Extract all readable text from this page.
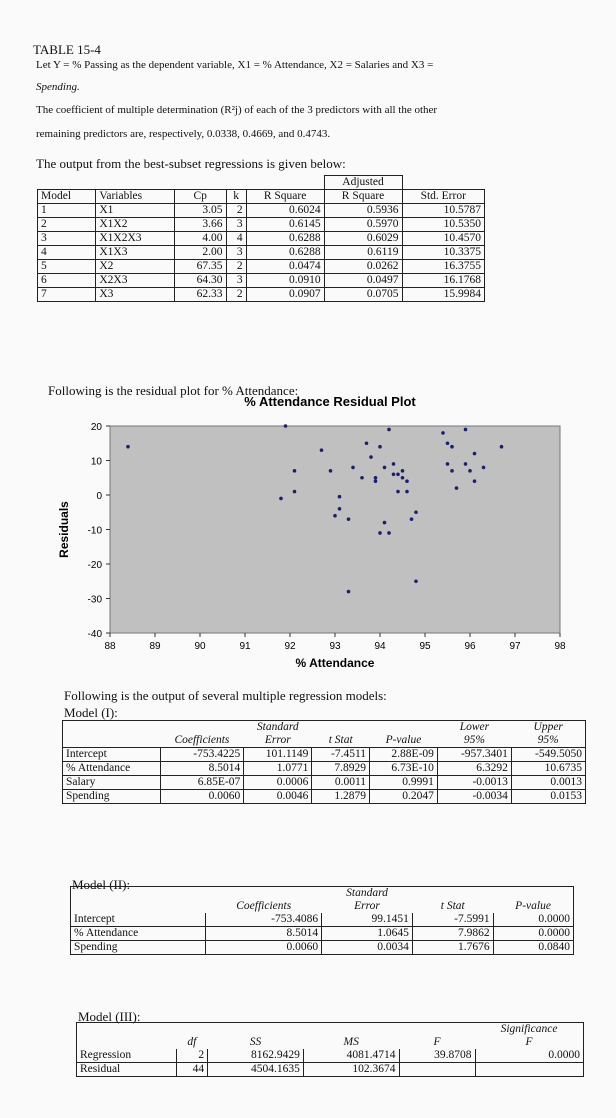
TABLE 15-4
Let Y = % Passing as the dependent variable, X1 = % Attendance, X2 = Salaries and X3 =
Spending.
The coefficient of multiple determination (R²j) of each of the 3 predictors with all the other
remaining predictors are, respectively, 0.0338, 0.4669, and 0.4743.
The output from the best-subset regressions is given below:
					Adjusted	
Model	Variables	Cp	k	R Square	R Square	Std. Error
1	X1	3.05	2	0.6024	0.5936	10.5787
2	X1X2	3.66	3	0.6145	0.5970	10.5350
3	X1X2X3	4.00	4	0.6288	0.6029	10.4570
4	X1X3	2.00	3	0.6288	0.6119	10.3375
5	X2	67.35	2	0.0474	0.0262	16.3755
6	X2X3	64.30	3	0.0910	0.0497	16.1768
7	X3	62.33	2	0.0907	0.0705	15.9984
Following is the residual plot for % Attendance:
% Attendance Residual Plot
20
10
0
-10
-20
-30
-40
88	89	90	91	92	93	94	95	96	97	98
% Attendance
Residuals
Following is the output of several multiple regression models:
Model (I):
		Standard			Lower	Upper
	Coefficients	Error	t Stat	P-value	95%	95%
Intercept	-753.4225	101.1149	-7.4511	2.88E-09	-957.3401	-549.5050
% Attendance	8.5014	1.0771	7.8929	6.73E-10	6.3292	10.6735
Salary	6.85E-07	0.0006	0.0011	0.9991	-0.0013	0.0013
Spending	0.0060	0.0046	1.2879	0.2047	-0.0034	0.0153
Model (II):
		Standard		
	Coefficients	Error	t Stat	P-value
Intercept	-753.4086	99.1451	-7.5991	0.0000
% Attendance	8.5014	1.0645	7.9862	0.0000
Spending	0.0060	0.0034	1.7676	0.0840
Model (III):
					Significance
	df	SS	MS	F	F
Regression	2	8162.9429	4081.4714	39.8708	0.0000
Residual	44	4504.1635	102.3674		
